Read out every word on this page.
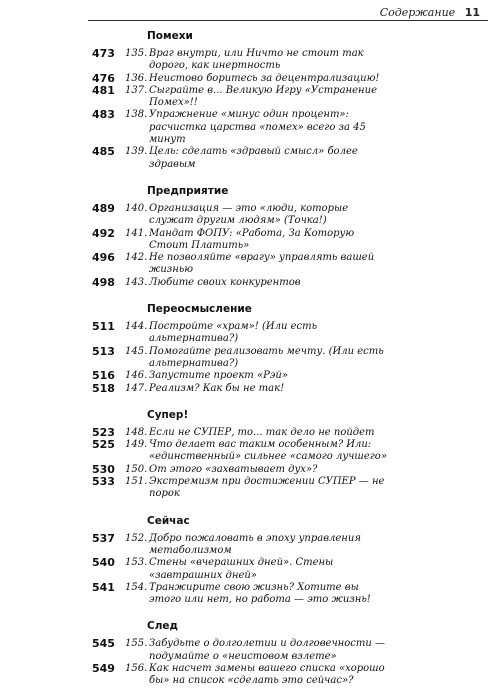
Содержание 11
Помехи
473	135. Враг внутри, или Ничто не стоит так дорого, как инертность
476	136. Неистово боритесь за децентрализацию!
481	137. Сыграйте в... Великую Игру «Устранение Помех»!!
483	138. Упражнение «минус один процент»: расчистка царства «помех» всего за 45 минут
485	139. Цель: сделать «здравый смысл» более здравым
Предприятие
489	140. Организация — это «люди, которые служат другим людям» (Точка!)
492	141. Мандат ФОПУ: «Работа, За Которую Стоит Платить»
496	142. Не позволяйте «врагу» управлять вашей жизнью
498	143. Любите своих конкурентов
Переосмысление
511	144. Постройте «храм»! (Или есть альтернатива?)
513	145. Помогайте реализовать мечту. (Или есть альтернатива?)
516	146. Запустите проект «Рэй»
518	147. Реализм? Как бы не так!
Супер!
523	148. Если не СУПЕР, то... так дело не пойдет
525	149. Что делает вас таким особенным? Или: «единственный» сильнее «самого лучшего»
530	150. От этого «захватывает дух»?
533	151. Экстремизм при достижении СУПЕР — не порок
Сейчас
537	152. Добро пожаловать в эпоху управления метаболизмом
540	153. Стены «вчерашних дней». Стены «завтрашних дней»
541	154. Транжирите свою жизнь? Хотите вы этого или нет, но работа — это жизнь!
След
545	155. Забудьте о долголетии и долговечности — подумайте о «неистовом взлете»
549	156. Как насчет замены вашего списка «хорошо бы» на список «сделать это сейчас»?
